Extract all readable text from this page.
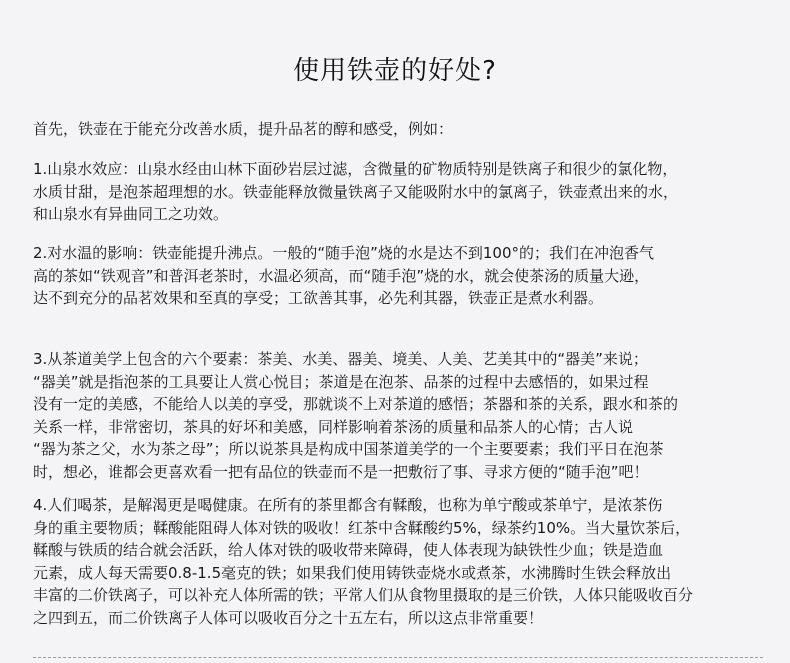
使用铁壶的好处?

首先，铁壶在于能充分改善水质，提升品茗的醇和感受，例如：

1.山泉水效应：山泉水经由山林下面砂岩层过滤，含微量的矿物质特别是铁离子和很少的氯化物，
水质甘甜，是泡茶超理想的水。铁壶能释放微量铁离子又能吸附水中的氯离子，铁壶煮出来的水，
和山泉水有异曲同工之功效。
2.对水温的影响：铁壶能提升沸点。一般的“随手泡”烧的水是达不到100°的；我们在冲泡香气
高的茶如“铁观音”和普洱老茶时，水温必须高，而“随手泡”烧的水，就会使茶汤的质量大逊，
达不到充分的品茗效果和至真的享受；工欲善其事，必先利其器，铁壶正是煮水利器。
3.从茶道美学上包含的六个要素：茶美、水美、器美、境美、人美、艺美其中的“器美”来说；
“器美”就是指泡茶的工具要让人赏心悦目；茶道是在泡茶、品茶的过程中去感悟的，如果过程
没有一定的美感，不能给人以美的享受，那就谈不上对茶道的感悟；茶器和茶的关系，跟水和茶的
关系一样，非常密切，茶具的好坏和美感，同样影响着茶汤的质量和品茶人的心情；古人说
“器为茶之父，水为茶之母”；所以说茶具是构成中国茶道美学的一个主要要素；我们平日在泡茶
时，想必，谁都会更喜欢看一把有品位的铁壶而不是一把敷衍了事、寻求方便的“随手泡”吧！
4.人们喝茶，是解渴更是喝健康。在所有的茶里都含有鞣酸，也称为单宁酸或茶单宁，是浓茶伤
身的重主要物质；鞣酸能阻碍人体对铁的吸收！红茶中含鞣酸约5%，绿茶约10%。当大量饮茶后，
鞣酸与铁质的结合就会活跃，给人体对铁的吸收带来障碍，使人体表现为缺铁性少血；铁是造血
元素，成人每天需要0.8-1.5毫克的铁；如果我们使用铸铁壶烧水或煮茶，水沸腾时生铁会释放出
丰富的二价铁离子，可以补充人体所需的铁；平常人们从食物里摄取的是三价铁，人体只能吸收百分
之四到五，而二价铁离子人体可以吸收百分之十五左右，所以这点非常重要！
